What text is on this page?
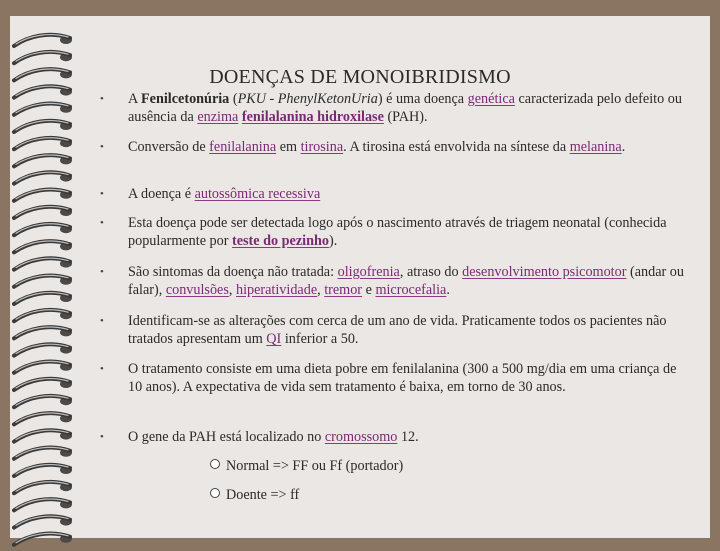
DOENÇAS DE MONOIBRIDISMO
• A Fenilcetonúria (PKU - PhenylKetonUria) é uma doença genética caracterizada pelo defeito ou ausência da enzima fenilalanina hidroxilase (PAH).
• Conversão de fenilalanina em tirosina. A tirosina está envolvida na síntese da melanina.
• A doença é autossômica recessiva
• Esta doença pode ser detectada logo após o nascimento através de triagem neonatal (conhecida popularmente por teste do pezinho).
• São sintomas da doença não tratada: oligofrenia, atraso do desenvolvimento psicomotor (andar ou falar), convulsões, hiperatividade, tremor e microcefalia.
• Identificam-se as alterações com cerca de um ano de vida. Praticamente todos os pacientes não tratados apresentam um QI inferior a 50.
• O tratamento consiste em uma dieta pobre em fenilalanina (300 a 500 mg/dia em uma criança de 10 anos). A expectativa de vida sem tratamento é baixa, em torno de 30 anos.
• O gene da PAH está localizado no cromossomo 12.
Normal => FF ou Ff (portador)
Doente => ff
